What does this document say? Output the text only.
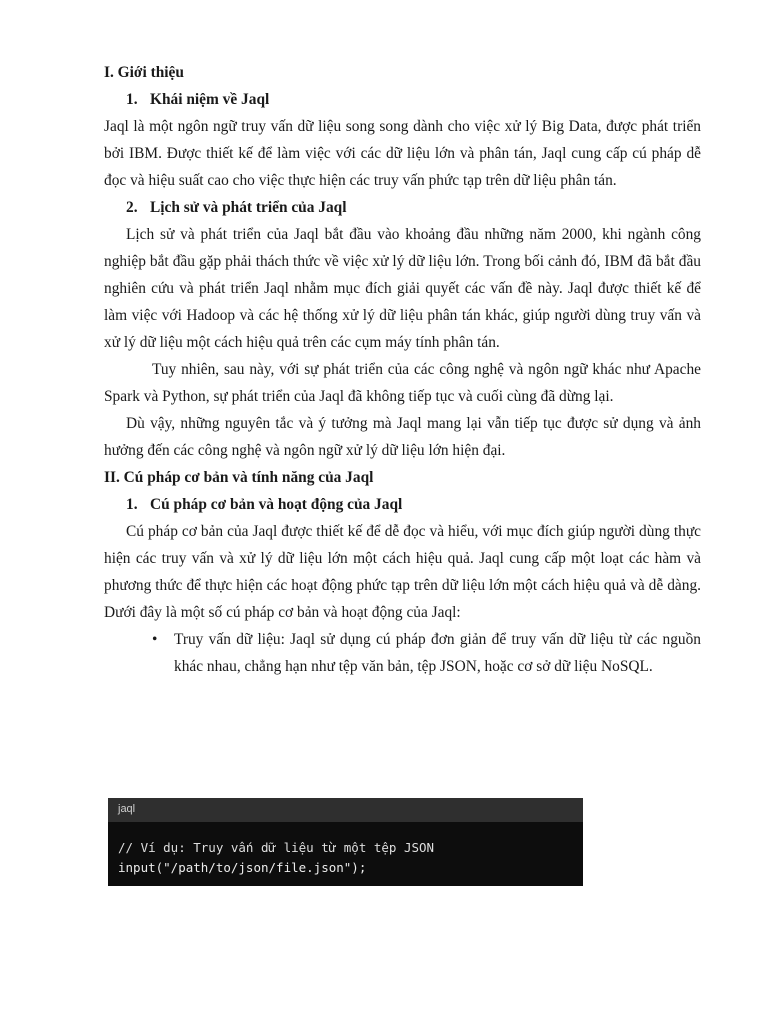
I. Giới thiệu
1. Khái niệm về Jaql

Jaql là một ngôn ngữ truy vấn dữ liệu song song dành cho việc xử lý Big Data, được phát triển bởi IBM. Được thiết kế để làm việc với các dữ liệu lớn và phân tán, Jaql cung cấp cú pháp dễ đọc và hiệu suất cao cho việc thực hiện các truy vấn phức tạp trên dữ liệu phân tán.

2. Lịch sử và phát triển của Jaql

Lịch sử và phát triển của Jaql bắt đầu vào khoảng đầu những năm 2000, khi ngành công nghiệp bắt đầu gặp phải thách thức về việc xử lý dữ liệu lớn. Trong bối cảnh đó, IBM đã bắt đầu nghiên cứu và phát triển Jaql nhằm mục đích giải quyết các vấn đề này. Jaql được thiết kế để làm việc với Hadoop và các hệ thống xử lý dữ liệu phân tán khác, giúp người dùng truy vấn và xử lý dữ liệu một cách hiệu quả trên các cụm máy tính phân tán.

Tuy nhiên, sau này, với sự phát triển của các công nghệ và ngôn ngữ khác như Apache Spark và Python, sự phát triển của Jaql đã không tiếp tục và cuối cùng đã dừng lại.

Dù vậy, những nguyên tắc và ý tưởng mà Jaql mang lại vẫn tiếp tục được sử dụng và ảnh hưởng đến các công nghệ và ngôn ngữ xử lý dữ liệu lớn hiện đại.

II. Cú pháp cơ bản và tính năng của Jaql
1. Cú pháp cơ bản và hoạt động của Jaql

Cú pháp cơ bản của Jaql được thiết kế để dễ đọc và hiểu, với mục đích giúp người dùng thực hiện các truy vấn và xử lý dữ liệu lớn một cách hiệu quả. Jaql cung cấp một loạt các hàm và phương thức để thực hiện các hoạt động phức tạp trên dữ liệu lớn một cách hiệu quả và dễ dàng. Dưới đây là một số cú pháp cơ bản và hoạt động của Jaql:

•	Truy vấn dữ liệu: Jaql sử dụng cú pháp đơn giản để truy vấn dữ liệu từ các nguồn khác nhau, chẳng hạn như tệp văn bản, tệp JSON, hoặc cơ sở dữ liệu NoSQL.
jaql
// Ví dụ: Truy vấn dữ liệu từ một tệp JSON
input("/path/to/json/file.json");
